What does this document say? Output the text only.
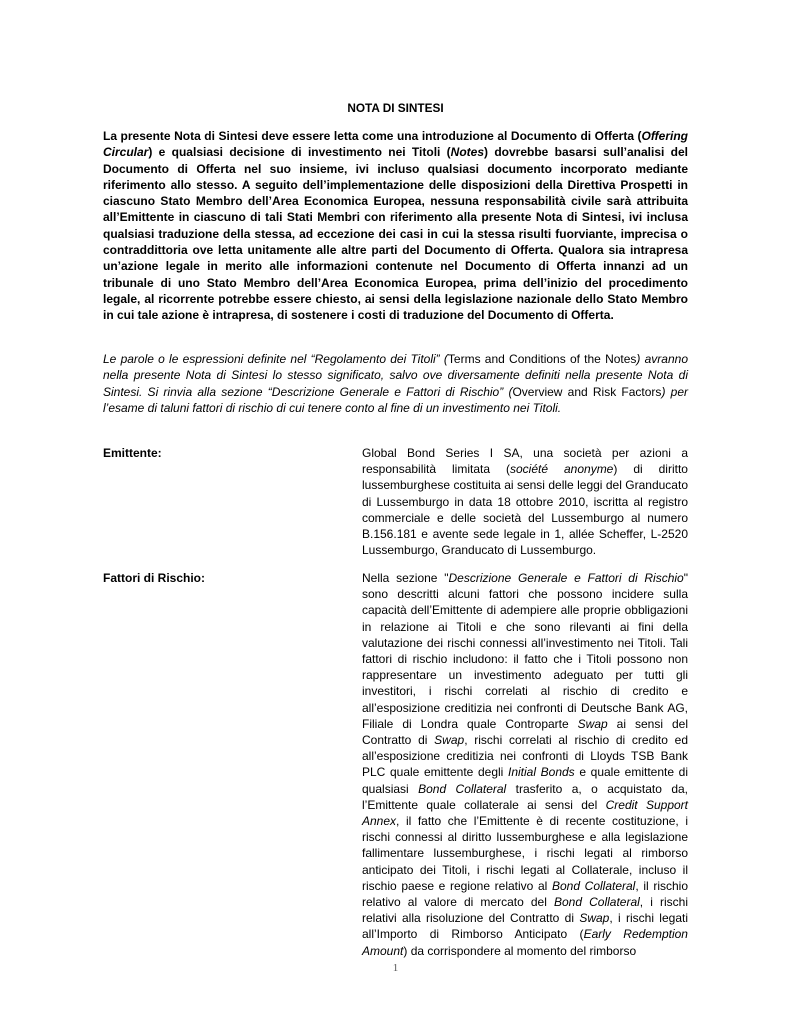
NOTA DI SINTESI
La presente Nota di Sintesi deve essere letta come una introduzione al Documento di Offerta (Offering Circular) e qualsiasi decisione di investimento nei Titoli (Notes) dovrebbe basarsi sull’analisi del Documento di Offerta nel suo insieme, ivi incluso qualsiasi documento incorporato mediante riferimento allo stesso. A seguito dell’implementazione delle disposizioni della Direttiva Prospetti in ciascuno Stato Membro dell’Area Economica Europea, nessuna responsabilità civile sarà attribuita all’Emittente in ciascuno di tali Stati Membri con riferimento alla presente Nota di Sintesi, ivi inclusa qualsiasi traduzione della stessa, ad eccezione dei casi in cui la stessa risulti fuorviante, imprecisa o contraddittoria ove letta unitamente alle altre parti del Documento di Offerta. Qualora sia intrapresa un’azione legale in merito alle informazioni contenute nel Documento di Offerta innanzi ad un tribunale di uno Stato Membro dell’Area Economica Europea, prima dell’inizio del procedimento legale, al ricorrente potrebbe essere chiesto, ai sensi della legislazione nazionale dello Stato Membro in cui tale azione è intrapresa, di sostenere i costi di traduzione del Documento di Offerta.
Le parole o le espressioni definite nel “Regolamento dei Titoli” (Terms and Conditions of the Notes) avranno nella presente Nota di Sintesi lo stesso significato, salvo ove diversamente definiti nella presente Nota di Sintesi. Si rinvia alla sezione “Descrizione Generale e Fattori di Rischio” (Overview and Risk Factors) per l’esame di taluni fattori di rischio di cui tenere conto al fine di un investimento nei Titoli.
Emittente:	Global Bond Series I SA, una società per azioni a responsabilità limitata (société anonyme) di diritto lussemburghese costituita ai sensi delle leggi del Granducato di Lussemburgo in data 18 ottobre 2010, iscritta al registro commerciale e delle società del Lussemburgo al numero B.156.181 e avente sede legale in 1, allée Scheffer, L-2520 Lussemburgo, Granducato di Lussemburgo.
Fattori di Rischio:	Nella sezione "Descrizione Generale e Fattori di Rischio" sono descritti alcuni fattori che possono incidere sulla capacità dell’Emittente di adempiere alle proprie obbligazioni in relazione ai Titoli e che sono rilevanti ai fini della valutazione dei rischi connessi all’investimento nei Titoli. Tali fattori di rischio includono: il fatto che i Titoli possono non rappresentare un investimento adeguato per tutti gli investitori, i rischi correlati al rischio di credito e all’esposizione creditizia nei confronti di Deutsche Bank AG, Filiale di Londra quale Controparte Swap ai sensi del Contratto di Swap, rischi correlati al rischio di credito ed all’esposizione creditizia nei confronti di Lloyds TSB Bank PLC quale emittente degli Initial Bonds e quale emittente di qualsiasi Bond Collateral trasferito a, o acquistato da, l’Emittente quale collaterale ai sensi del Credit Support Annex, il fatto che l’Emittente è di recente costituzione, i rischi connessi al diritto lussemburghese e alla legislazione fallimentare lussemburghese, i rischi legati al rimborso anticipato dei Titoli, i rischi legati al Collaterale, incluso il rischio paese e regione relativo al Bond Collateral, il rischio relativo al valore di mercato del Bond Collateral, i rischi relativi alla risoluzione del Contratto di Swap, i rischi legati all’Importo di Rimborso Anticipato (Early Redemption Amount) da corrispondere al momento del rimborso
1
